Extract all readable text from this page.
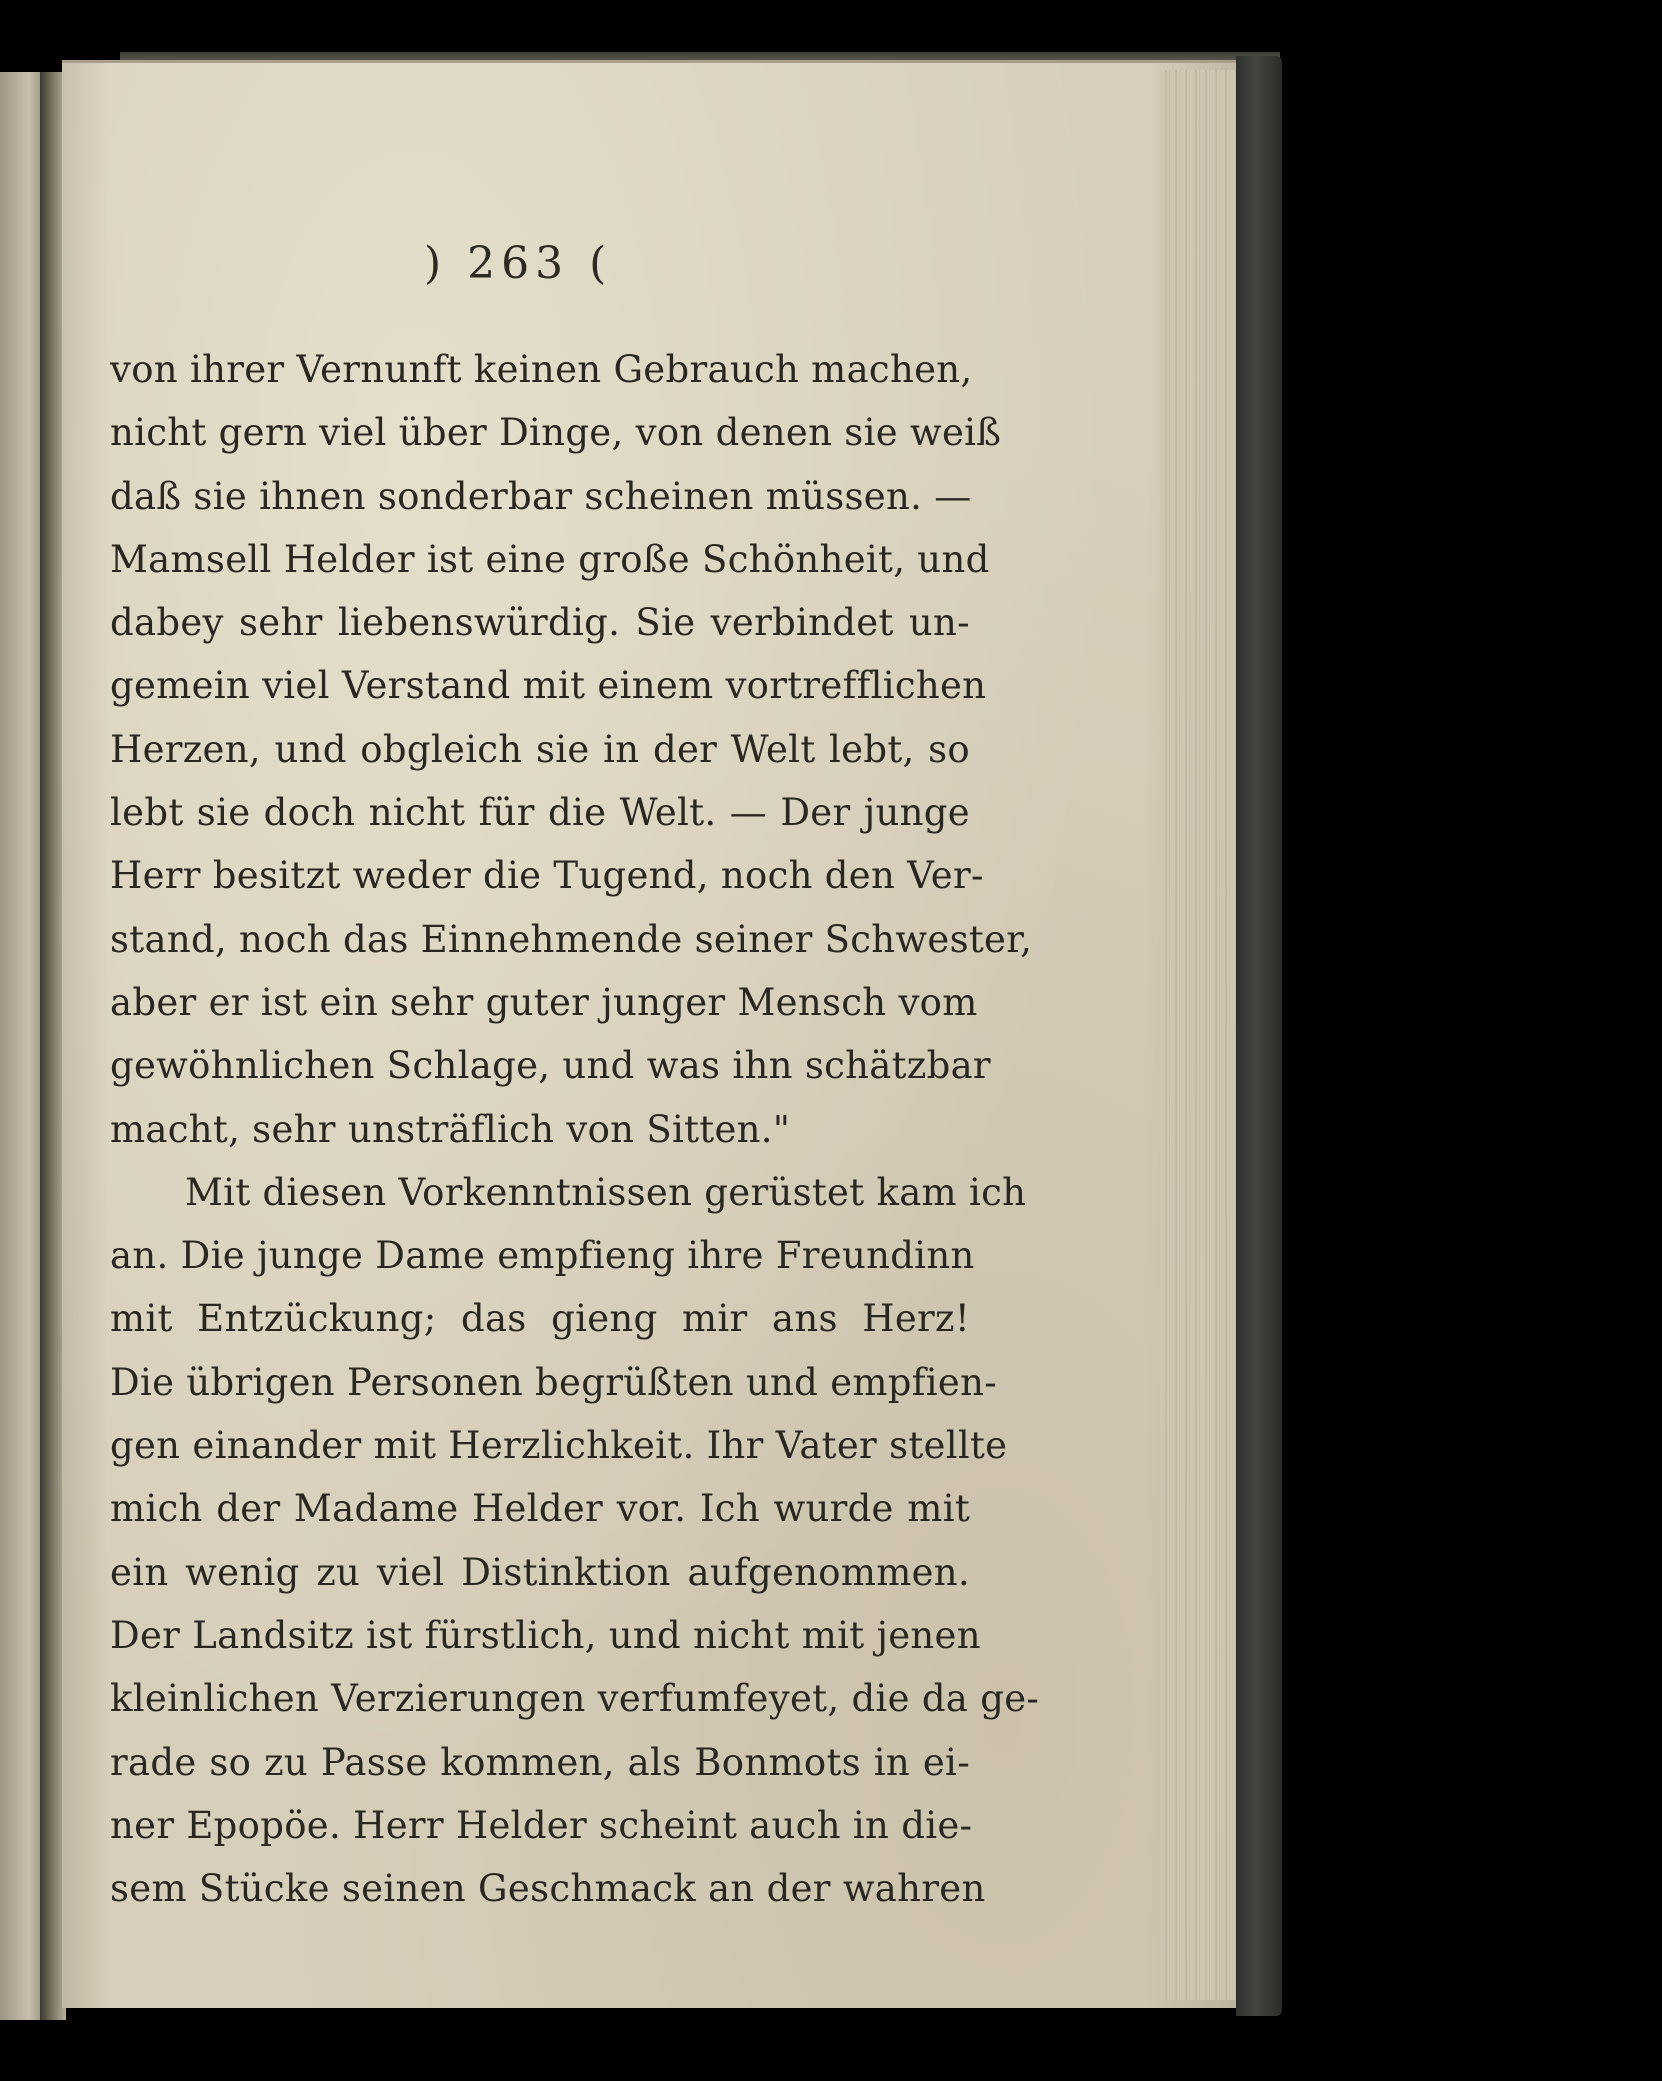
) 263 (
von ihrer Vernunft keinen Gebrauch machen,
nicht gern viel über Dinge, von denen sie weiß
daß sie ihnen sonderbar scheinen müssen. —
Mamsell Helder ist eine große Schönheit, und
dabey sehr liebenswürdig. Sie verbindet un-
gemein viel Verstand mit einem vortrefflichen
Herzen, und obgleich sie in der Welt lebt, so
lebt sie doch nicht für die Welt. — Der junge
Herr besitzt weder die Tugend, noch den Ver-
stand, noch das Einnehmende seiner Schwester,
aber er ist ein sehr guter junger Mensch vom
gewöhnlichen Schlage, und was ihn schätzbar
macht, sehr unsträflich von Sitten."
Mit diesen Vorkenntnissen gerüstet kam ich
an. Die junge Dame empfieng ihre Freundinn
mit Entzückung; das gieng mir ans Herz!
Die übrigen Personen begrüßten und empfien-
gen einander mit Herzlichkeit. Ihr Vater stellte
mich der Madame Helder vor. Ich wurde mit
ein wenig zu viel Distinktion aufgenommen.
Der Landsitz ist fürstlich, und nicht mit jenen
kleinlichen Verzierungen verfumfeyet, die da ge-
rade so zu Passe kommen, als Bonmots in ei-
ner Epopöe. Herr Helder scheint auch in die-
sem Stücke seinen Geschmack an der wahren
